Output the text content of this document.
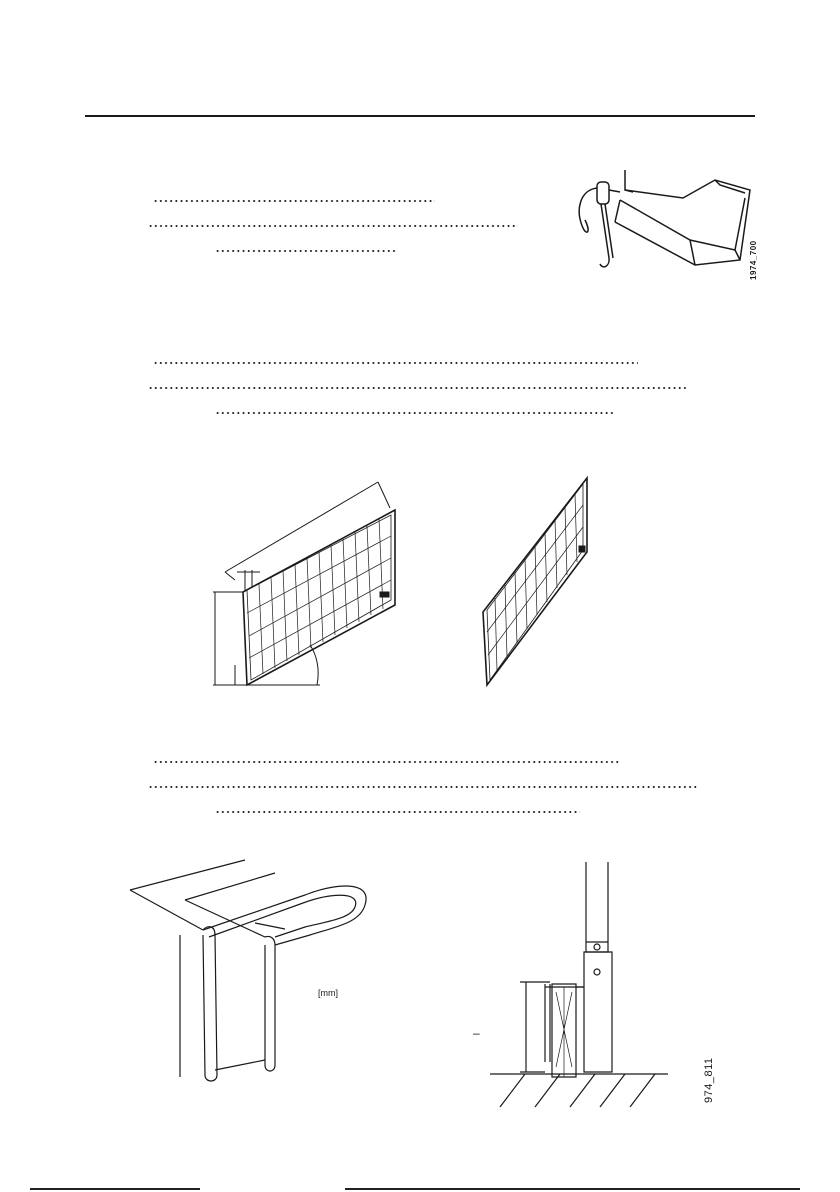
1974_700
[mm]
–
974_811
